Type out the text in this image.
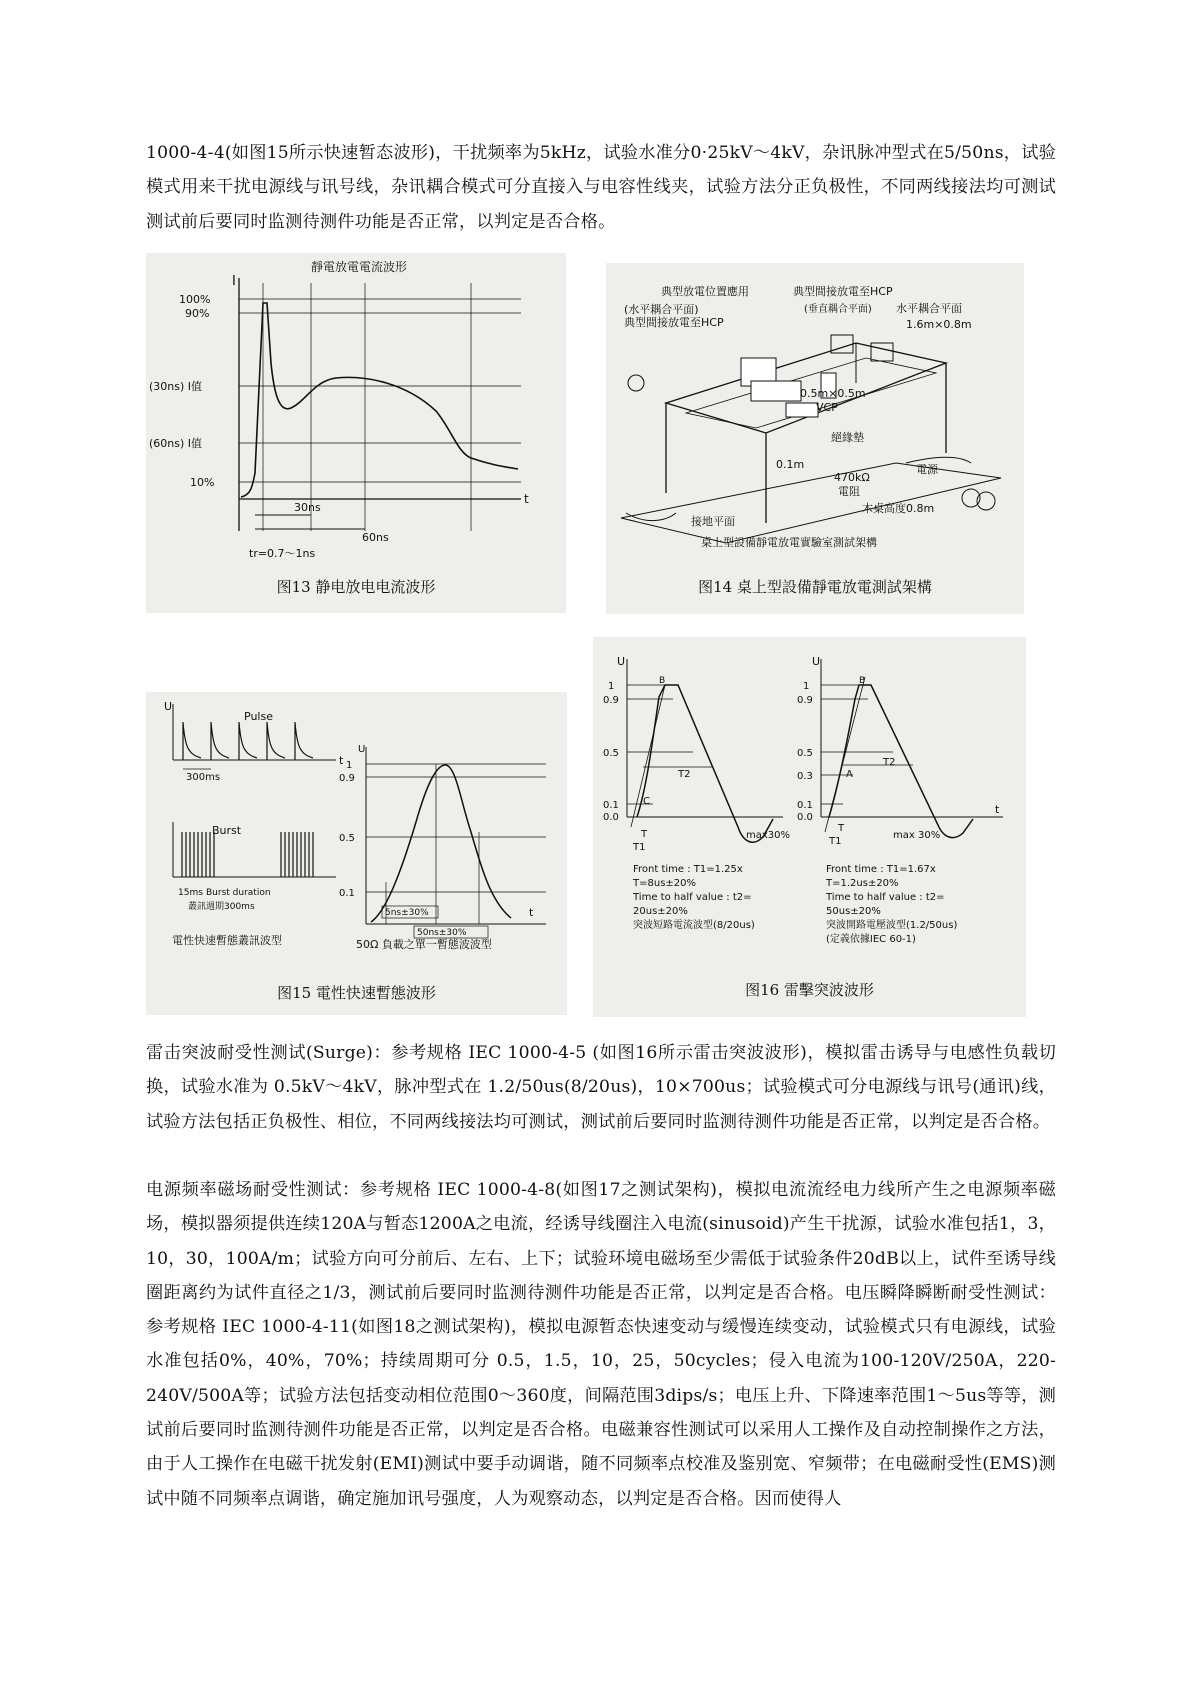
1000-4-4(如图15所示快速暂态波形)，干扰频率为5kHz，试验水准分0·25kV～4kV，杂讯脉冲型式在5/50ns，试验模式用来干扰电源线与讯号线，杂讯耦合模式可分直接入与电容性线夹，试验方法分正负极性，不同两线接法均可测试测试前后要同时监测待测件功能是否正常，以判定是否合格。
靜電放電電流波形
I
t
100%
90%
(30ns) I值
(60ns) I值
10%
30ns
60ns
tr=0.7～1ns
图13 静电放电电流波形
典型放電位置應用	典型間接放電至HCP
(水平耦合平面)
典型間接放電至HCP
(垂直耦合平面) 水平耦合平面
1.6m×0.8m
0.5m×0.5m
VCP
絕緣墊
0.1m
470kΩ
電阻
電源
木桌高度0.8m
接地平面
桌上型設備靜電放電實驗室測試架構
图14 桌上型設備靜電放電測試架構
U
t
Pulse
300ms
Burst
15ms Burst duration
叢訊週期300ms
電性快速暫態叢訊波型
U
t
1
0.9
0.5
0.1
5ns±30%
50ns±30%
50Ω 負載之單一暫態波波型
图15 電性快速暫態波形
U
1
0.9
0.5
0.1
0.0
B
C
T2
T
T1
max30%
Front time : T1=1.25x
T=8us±20%
Time to half value : t2=
20us±20%
突波短路電流波型(8/20us)
U
t
1
0.9
0.5
0.3
0.1
0.0
B
A
T2
T
T1
max 30%
Front time : T1=1.67x
T=1.2us±20%
Time to half value : t2=
50us±20%
突波開路電壓波型(1.2/50us)
(定義依據IEC 60-1)
图16 雷擊突波波形
雷击突波耐受性测试(Surge)：参考规格 IEC 1000-4-5 (如图16所示雷击突波波形)，模拟雷击诱导与电感性负载切换，试验水准为 0.5kV～4kV，脉冲型式在 1.2/50us(8/20us)，10×700us；试验模式可分电源线与讯号(通讯)线，试验方法包括正负极性、相位，不同两线接法均可测试，测试前后要同时监测待测件功能是否正常，以判定是否合格。
电源频率磁场耐受性测试：参考规格 IEC 1000-4-8(如图17之测试架构)，模拟电流流经电力线所产生之电源频率磁场，模拟器须提供连续120A与暂态1200A之电流，经诱导线圈注入电流(sinusoid)产生干扰源，试验水准包括1，3，10，30，100A/m；试验方向可分前后、左右、上下；试验环境电磁场至少需低于试验条件20dB以上，试件至诱导线圈距离约为试件直径之1/3，测试前后要同时监测待测件功能是否正常，以判定是否合格。电压瞬降瞬断耐受性测试：参考规格 IEC 1000-4-11(如图18之测试架构)，模拟电源暂态快速变动与缓慢连续变动，试验模式只有电源线，试验水准包括0%，40%，70%；持续周期可分 0.5，1.5，10，25，50cycles；侵入电流为100-120V/250A，220-240V/500A等；试验方法包括变动相位范围0～360度，间隔范围3dips/s；电压上升、下降速率范围1～5us等等，测试前后要同时监测待测件功能是否正常，以判定是否合格。电磁兼容性测试可以采用人工操作及自动控制操作之方法，由于人工操作在电磁干扰发射(EMI)测试中要手动调谐，随不同频率点校准及鉴别宽、窄频带；在电磁耐受性(EMS)测试中随不同频率点调谐，确定施加讯号强度，人为观察动态，以判定是否合格。因而使得人
